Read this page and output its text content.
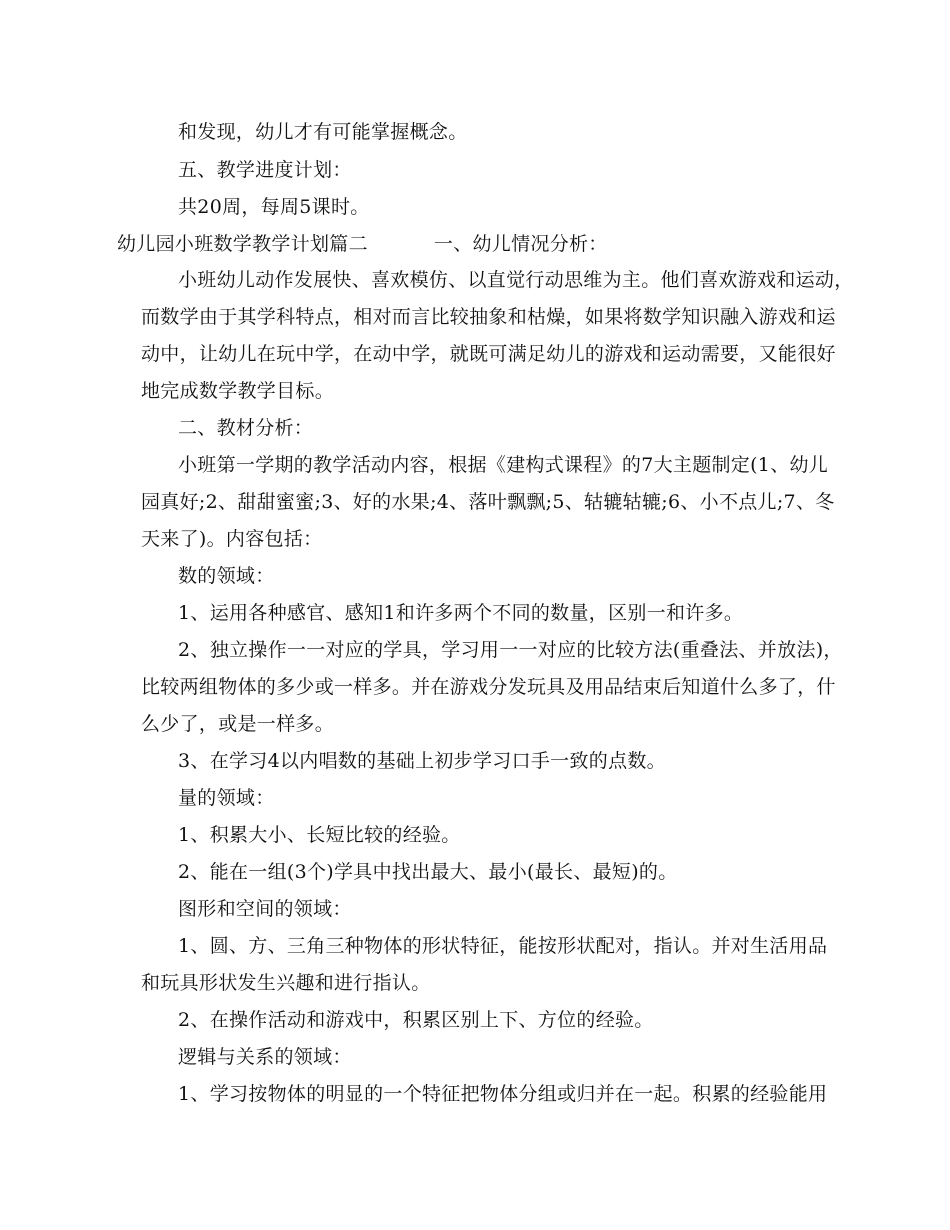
和发现，幼儿才有可能掌握概念。
五、教学进度计划：
共20周，每周5课时。
幼儿园小班数学教学计划篇二	一、幼儿情况分析：
小班幼儿动作发展快、喜欢模仿、以直觉行动思维为主。他们喜欢游戏和运动，
而数学由于其学科特点，相对而言比较抽象和枯燥，如果将数学知识融入游戏和运
动中，让幼儿在玩中学，在动中学，就既可满足幼儿的游戏和运动需要，又能很好
地完成数学教学目标。
二、教材分析：
小班第一学期的教学活动内容，根据《建构式课程》的7大主题制定(1、幼儿
园真好;2、甜甜蜜蜜;3、好的水果;4、落叶飘飘;5、轱辘轱辘;6、小不点儿;7、冬
天来了)。内容包括：
数的领域：
1、运用各种感官、感知1和许多两个不同的数量，区别一和许多。
2、独立操作一一对应的学具，学习用一一对应的比较方法(重叠法、并放法)，
比较两组物体的多少或一样多。并在游戏分发玩具及用品结束后知道什么多了，什
么少了，或是一样多。
3、在学习4以内唱数的基础上初步学习口手一致的点数。
量的领域：
1、积累大小、长短比较的经验。
2、能在一组(3个)学具中找出最大、最小(最长、最短)的。
图形和空间的领域：
1、圆、方、三角三种物体的形状特征，能按形状配对，指认。并对生活用品
和玩具形状发生兴趣和进行指认。
2、在操作活动和游戏中，积累区别上下、方位的经验。
逻辑与关系的领域：
1、学习按物体的明显的一个特征把物体分组或归并在一起。积累的经验能用
